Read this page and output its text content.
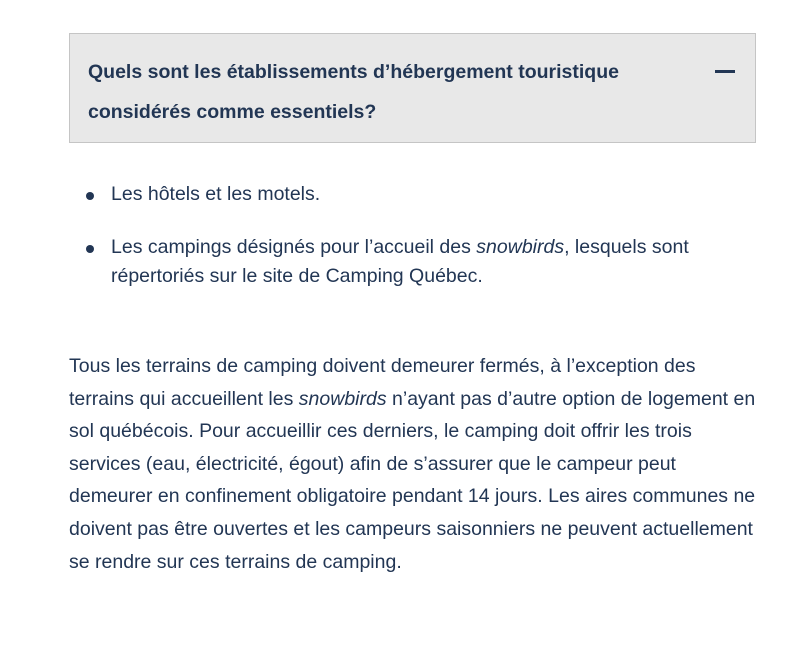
Quels sont les établissements d’hébergement touristique considérés comme essentiels?
Les hôtels et les motels.
Les campings désignés pour l’accueil des snowbirds, lesquels sont répertoriés sur le site de Camping Québec.

Tous les terrains de camping doivent demeurer fermés, à l’exception des terrains qui accueillent les snowbirds n’ayant pas d’autre option de logement en sol québécois. Pour accueillir ces derniers, le camping doit offrir les trois services (eau, électricité, égout) afin de s’assurer que le campeur peut demeurer en confinement obligatoire pendant 14 jours. Les aires communes ne doivent pas être ouvertes et les campeurs saisonniers ne peuvent actuellement se rendre sur ces terrains de camping.
